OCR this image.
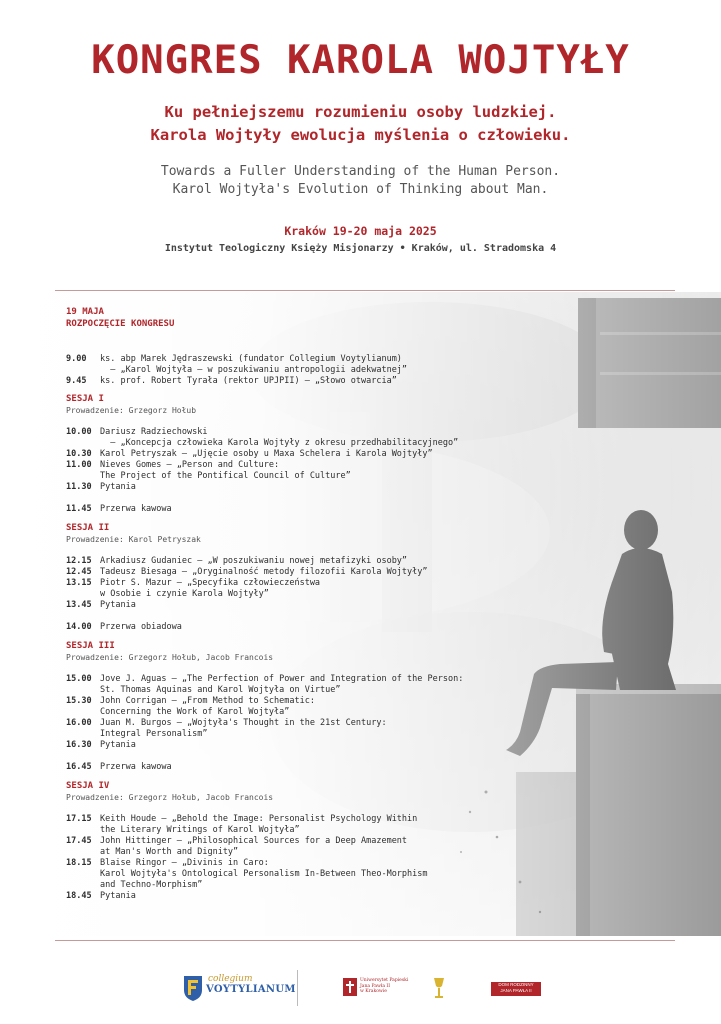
KONGRES KAROLA WOJTYŁY
Ku pełniejszemu rozumieniu osoby ludzkiej.
Karola Wojtyły ewolucja myślenia o człowieku.
Towards a Fuller Understanding of the Human Person.
Karol Wojtyła's Evolution of Thinking about Man.
Kraków 19-20 maja 2025
Instytut Teologiczny Księży Misjonarzy • Kraków, ul. Stradomska 4
19 MAJA
ROZPOCZĘCIE KONGRESU
9.00	ks. abp Marek Jędraszewski (fundator Collegium Voytylianum)
– „Karol Wojtyła – w poszukiwaniu antropologii adekwatnej”
9.45	ks. prof. Robert Tyrała (rektor UPJPII) – „Słowo otwarcia”
SESJA I
Prowadzenie: Grzegorz Hołub
10.00 Dariusz Radziechowski
– „Koncepcja człowieka Karola Wojtyły z okresu przedhabilitacyjnego”
10.30 Karol Petryszak – „Ujęcie osoby u Maxa Schelera i Karola Wojtyły”
11.00 Nieves Gomes – „Person and Culture:
The Project of the Pontifical Council of Culture”
11.30 Pytania
11.45 Przerwa kawowa
SESJA II
Prowadzenie: Karol Petryszak
12.15 Arkadiusz Gudaniec – „W poszukiwaniu nowej metafizyki osoby”
12.45 Tadeusz Biesaga – „Oryginalność metody filozofii Karola Wojtyły”
13.15 Piotr S. Mazur – „Specyfika człowieczeństwa
w Osobie i czynie Karola Wojtyły”
13.45 Pytania
14.00 Przerwa obiadowa
SESJA III
Prowadzenie: Grzegorz Hołub, Jacob Francois
15.00 Jove J. Aguas – „The Perfection of Power and Integration of the Person:
St. Thomas Aquinas and Karol Wojtyła on Virtue”
15.30 John Corrigan – „From Method to Schematic:
Concerning the Work of Karol Wojtyła”
16.00 Juan M. Burgos – „Wojtyła's Thought in the 21st Century:
Integral Personalism”
16.30 Pytania
16.45 Przerwa kawowa
SESJA IV
Prowadzenie: Grzegorz Hołub, Jacob Francois
17.15 Keith Houde – „Behold the Image: Personalist Psychology Within
the Literary Writings of Karol Wojtyła”
17.45 John Hittinger – „Philosophical Sources for a Deep Amazement
at Man's Worth and Dignity”
18.15 Blaise Ringor – „Divinis in Caro:
Karol Wojtyła's Ontological Personalism In-Between Theo-Morphism
and Techno-Morphism”
18.45 Pytania
collegium
VOYTYLIANUM
Uniwersytet Papieski
Jana Pawła II
w Krakowie
DOM RODZINNY
JANA PAWŁA II
